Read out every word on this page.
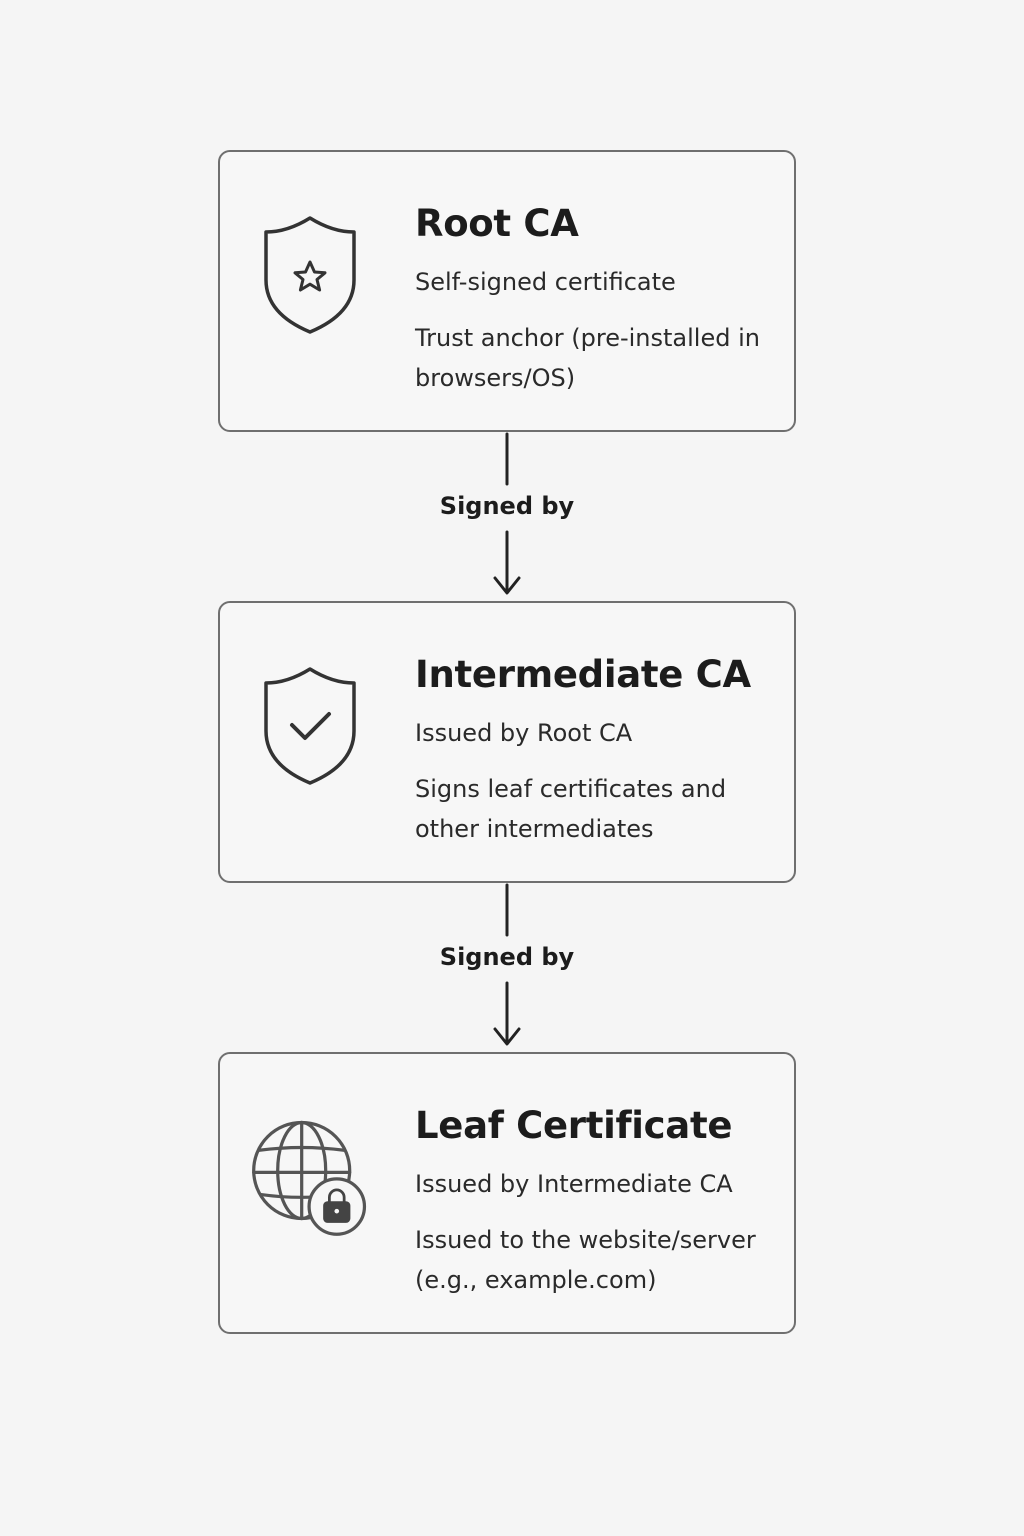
Root CA
Self-signed certificate
Trust anchor (pre-installed in browsers/OS)
Signed by
Intermediate CA
Issued by Root CA
Signs leaf certificates and other intermediates
Signed by
Leaf Certificate
Issued by Intermediate CA
Issued to the website/server (e.g., example.com)
